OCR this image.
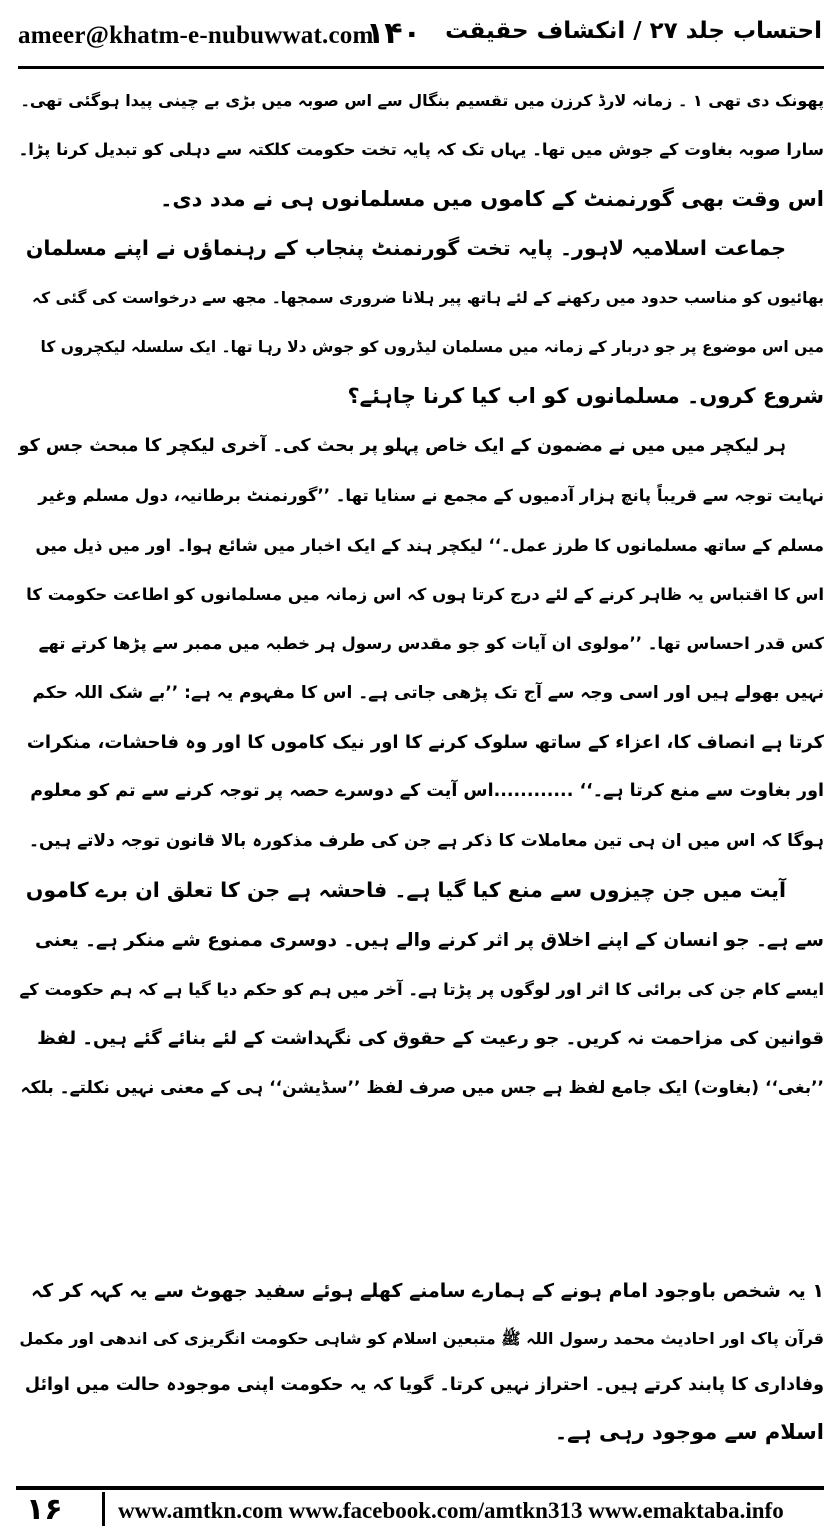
ameer@khatm-e-nubuwwat.com
۱۴۰ احتساب جلد ۲۷ / انکشاف حقیقت
پھونک دی تھی ۱ ۔ زمانہ لارڈ کرزن میں تقسیم بنگال سے اس صوبہ میں بڑی بے چینی پیدا ہوگئی تھی۔
سارا صوبہ بغاوت کے جوش میں تھا۔ یہاں تک کہ پایہ تخت حکومت کلکتہ سے دہلی کو تبدیل کرنا پڑا۔
اس وقت بھی گورنمنٹ کے کاموں میں مسلمانوں ہی نے مدد دی۔
جماعت اسلامیہ لاہور۔ پایہ تخت گورنمنٹ پنجاب کے رہنماؤں نے اپنے مسلمان
بھائیوں کو مناسب حدود میں رکھنے کے لئے ہاتھ پیر ہلانا ضروری سمجھا۔ مجھ سے درخواست کی گئی کہ
میں اس موضوع پر جو دربار کے زمانہ میں مسلمان لیڈروں کو جوش دلا رہا تھا۔ ایک سلسلہ لیکچروں کا
شروع کروں۔ مسلمانوں کو اب کیا کرنا چاہئے؟
ہر لیکچر میں میں نے مضمون کے ایک خاص پہلو پر بحث کی۔ آخری لیکچر کا مبحث جس کو
نہایت توجہ سے قریباً پانچ ہزار آدمیوں کے مجمع نے سنایا تھا۔ ’’گورنمنٹ برطانیہ، دول مسلم وغیر
مسلم کے ساتھ مسلمانوں کا طرز عمل۔‘‘ لیکچر ہند کے ایک اخبار میں شائع ہوا۔ اور میں ذیل میں
اس کا اقتباس یہ ظاہر کرنے کے لئے درج کرتا ہوں کہ اس زمانہ میں مسلمانوں کو اطاعت حکومت کا
کس قدر احساس تھا۔ ’’مولوی ان آیات کو جو مقدس رسول ہر خطبہ میں ممبر سے پڑھا کرتے تھے
نہیں بھولے ہیں اور اسی وجہ سے آج تک پڑھی جاتی ہے۔ اس کا مفہوم یہ ہے: ’’بے شک اللہ حکم
کرتا ہے انصاف کا، اعزاء کے ساتھ سلوک کرنے کا اور نیک کاموں کا اور وہ فاحشات، منکرات
اور بغاوت سے منع کرتا ہے۔‘‘ ............اس آیت کے دوسرے حصہ پر توجہ کرنے سے تم کو معلوم
ہوگا کہ اس میں ان ہی تین معاملات کا ذکر ہے جن کی طرف مذکورہ بالا قانون توجہ دلاتے ہیں۔
آیت میں جن چیزوں سے منع کیا گیا ہے۔ فاحشہ ہے جن کا تعلق ان برے کاموں
سے ہے۔ جو انسان کے اپنے اخلاق پر اثر کرنے والے ہیں۔ دوسری ممنوع شے منکر ہے۔ یعنی
ایسے کام جن کی برائی کا اثر اور لوگوں پر پڑتا ہے۔ آخر میں ہم کو حکم دیا گیا ہے کہ ہم حکومت کے
قوانین کی مزاحمت نہ کریں۔ جو رعیت کے حقوق کی نگہداشت کے لئے بنائے گئے ہیں۔ لفظ
’’بغی‘‘ (بغاوت) ایک جامع لفظ ہے جس میں صرف لفظ ’’سڈیشن‘‘ ہی کے معنی نہیں نکلتے۔ بلکہ
۱ یہ شخص باوجود امام ہونے کے ہمارے سامنے کھلے ہوئے سفید جھوٹ سے یہ کہہ کر کہ
قرآن پاک اور احادیث محمد رسول اللہ ﷺ متبعین اسلام کو شاہی حکومت انگریزی کی اندھی اور مکمل
وفاداری کا پابند کرتے ہیں۔ احتراز نہیں کرتا۔ گویا کہ یہ حکومت اپنی موجودہ حالت میں اوائل
اسلام سے موجود رہی ہے۔
۱۶ www.amtkn.com www.facebook.com/amtkn313 www.emaktaba.info
